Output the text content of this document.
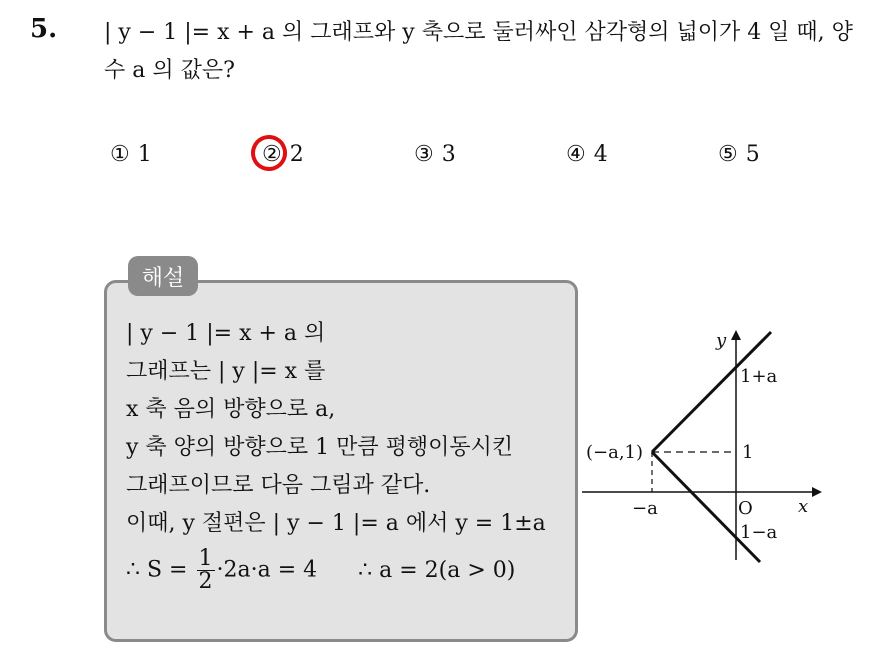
5. | y − 1 |= x + a 의 그래프와 y 축으로 둘러싸인 삼각형의 넓이가 4 일 때, 양수 a 의 값은?
① 1	② 2	③ 3	④ 4	⑤ 5
해설
| y − 1 |= x + a 의
그래프는 | y |= x 를
x 축 음의 방향으로 a,
y 축 양의 방향으로 1 만큼 평행이동시킨
그래프이므로 다음 그림과 같다.
이때, y 절편은 | y − 1 |= a 에서 y = 1±a
∴ $S = \frac{1}{2} \cdot 2a\cdot a = 4$ ∴ a = 2(a > 0)
y
x
O
(−a,1)
−a
1+a
1
1−a
